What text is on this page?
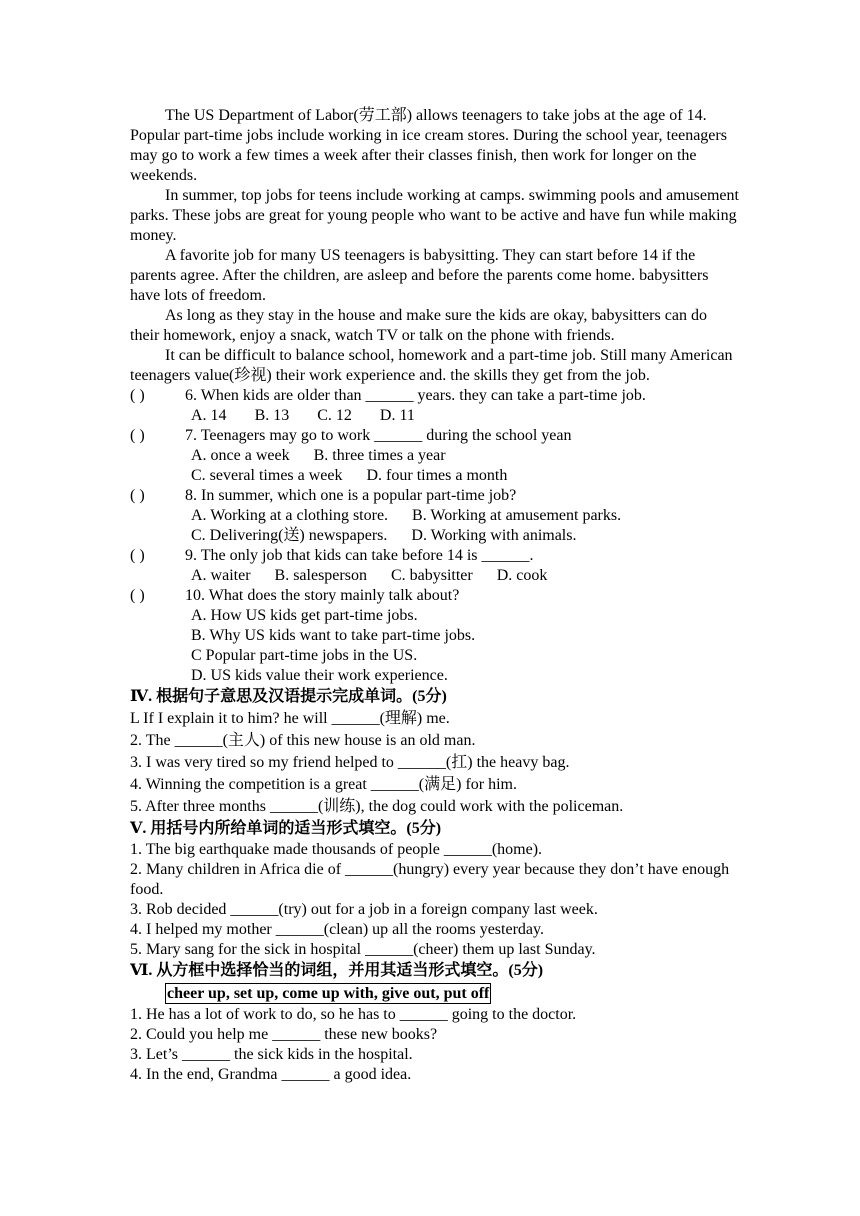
The US Department of Labor(劳工部) allows teenagers to take jobs at the age of 14. Popular part-time jobs include working in ice cream stores. During the school year, teenagers may go to work a few times a week after their classes finish, then work for longer on the weekends.

In summer, top jobs for teens include working at camps. swimming pools and amusement parks. These jobs are great for young people who want to be active and have fun while making money.

A favorite job for many US teenagers is babysitting. They can start before 14 if the parents agree. After the children, are asleep and before the parents come home. babysitters have lots of freedom.

As long as they stay in the house and make sure the kids are okay, babysitters can do their homework, enjoy a snack, watch TV or talk on the phone with friends.

It can be difficult to balance school, homework and a part-time job. Still many American teenagers value(珍视) their work experience and. the skills they get from the job.

( )	6. When kids are older than ______ years. they can take a part-time job.

A. 14 B. 13 C. 12 D. 11

( )	7. Teenagers may go to work ______ during the school yean

A. once a week B. three times a year

C. several times a week D. four times a month

( )	8. In summer, which one is a popular part-time job?

A. Working at a clothing store. B. Working at amusement parks.

C. Delivering(送) newspapers. D. Working with animals.

( )	9. The only job that kids can take before 14 is ______.

A. waiter B. salesperson C. babysitter D. cook

( )	10. What does the story mainly talk about?

A. How US kids get part-time jobs.

B. Why US kids want to take part-time jobs.

C Popular part-time jobs in the US.

D. US kids value their work experience.

Ⅳ. 根据句子意思及汉语提示完成单词。(5分)

L If I explain it to him? he will ______(理解) me.

2. The ______(主人) of this new house is an old man.

3. I was very tired so my friend helped to ______(扛) the heavy bag.

4. Winning the competition is a great ______(满足) for him.

5. After three months ______(训练), the dog could work with the policeman.

Ⅴ. 用括号内所给单词的适当形式填空。(5分)

1. The big earthquake made thousands of people ______(home).

2. Many children in Africa die of ______(hungry) every year because they don’t have enough food.

3. Rob decided ______(try) out for a job in a foreign company last week.

4. I helped my mother ______(clean) up all the rooms yesterday.

5. Mary sang for the sick in hospital ______(cheer) them up last Sunday.

Ⅵ. 从方框中选择恰当的词组，并用其适当形式填空。(5分)

cheer up, set up, come up with, give out, put off

1. He has a lot of work to do, so he has to ______ going to the doctor.

2. Could you help me ______ these new books?

3. Let’s ______ the sick kids in the hospital.

4. In the end, Grandma ______ a good idea.
